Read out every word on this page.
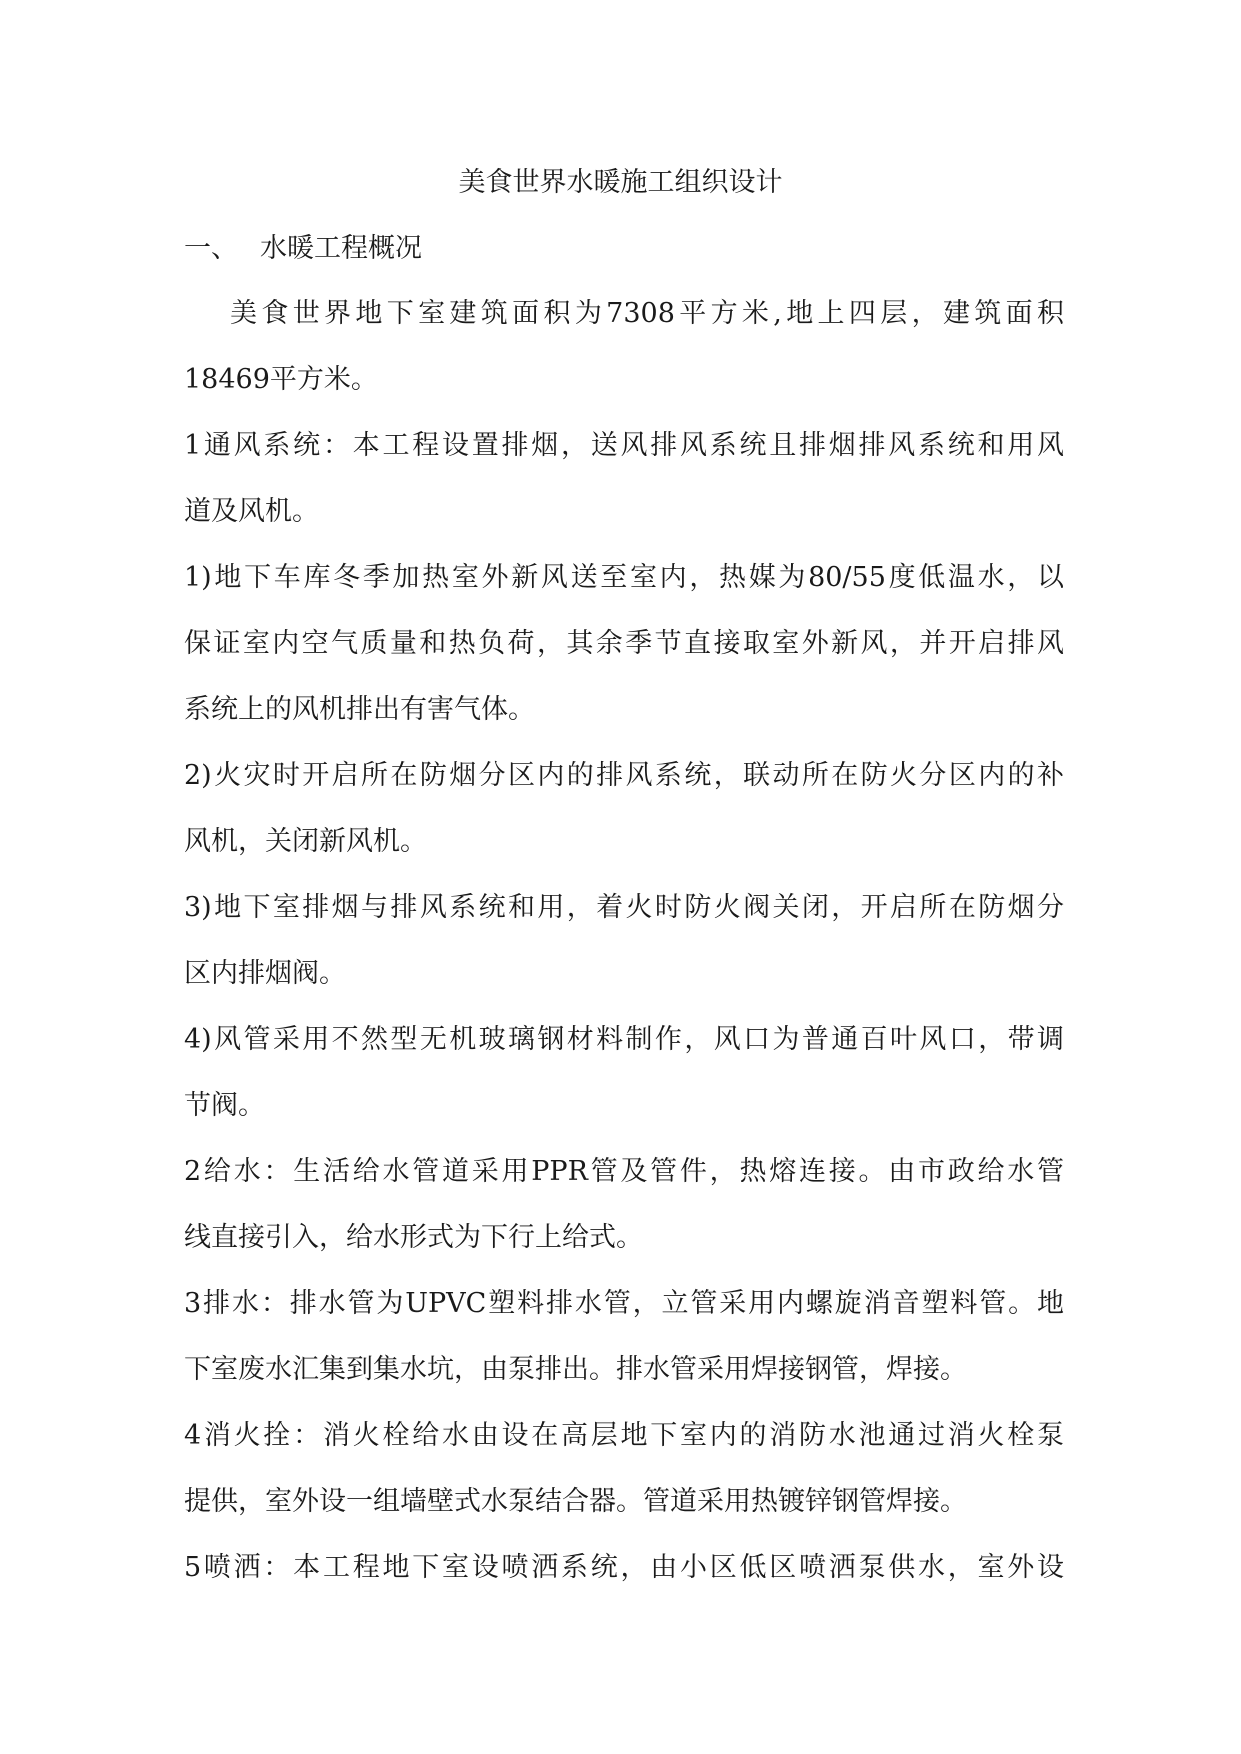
美食世界水暖施工组织设计
一、 水暖工程概况
美食世界地下室建筑面积为7308平方米,地上四层，建筑面积
18469平方米。
1通风系统：本工程设置排烟，送风排风系统且排烟排风系统和用风
道及风机。
1)地下车库冬季加热室外新风送至室内，热媒为80/55度低温水，以
保证室内空气质量和热负荷，其余季节直接取室外新风，并开启排风
系统上的风机排出有害气体。
2)火灾时开启所在防烟分区内的排风系统，联动所在防火分区内的补
风机，关闭新风机。
3)地下室排烟与排风系统和用，着火时防火阀关闭，开启所在防烟分
区内排烟阀。
4)风管采用不然型无机玻璃钢材料制作，风口为普通百叶风口，带调
节阀。
2给水：生活给水管道采用PPR管及管件，热熔连接。由市政给水管
线直接引入，给水形式为下行上给式。
3排水：排水管为UPVC塑料排水管，立管采用内螺旋消音塑料管。地
下室废水汇集到集水坑，由泵排出。排水管采用焊接钢管，焊接。
4消火拴：消火栓给水由设在高层地下室内的消防水池通过消火栓泵
提供，室外设一组墙壁式水泵结合器。管道采用热镀锌钢管焊接。
5喷洒：本工程地下室设喷洒系统，由小区低区喷洒泵供水，室外设
